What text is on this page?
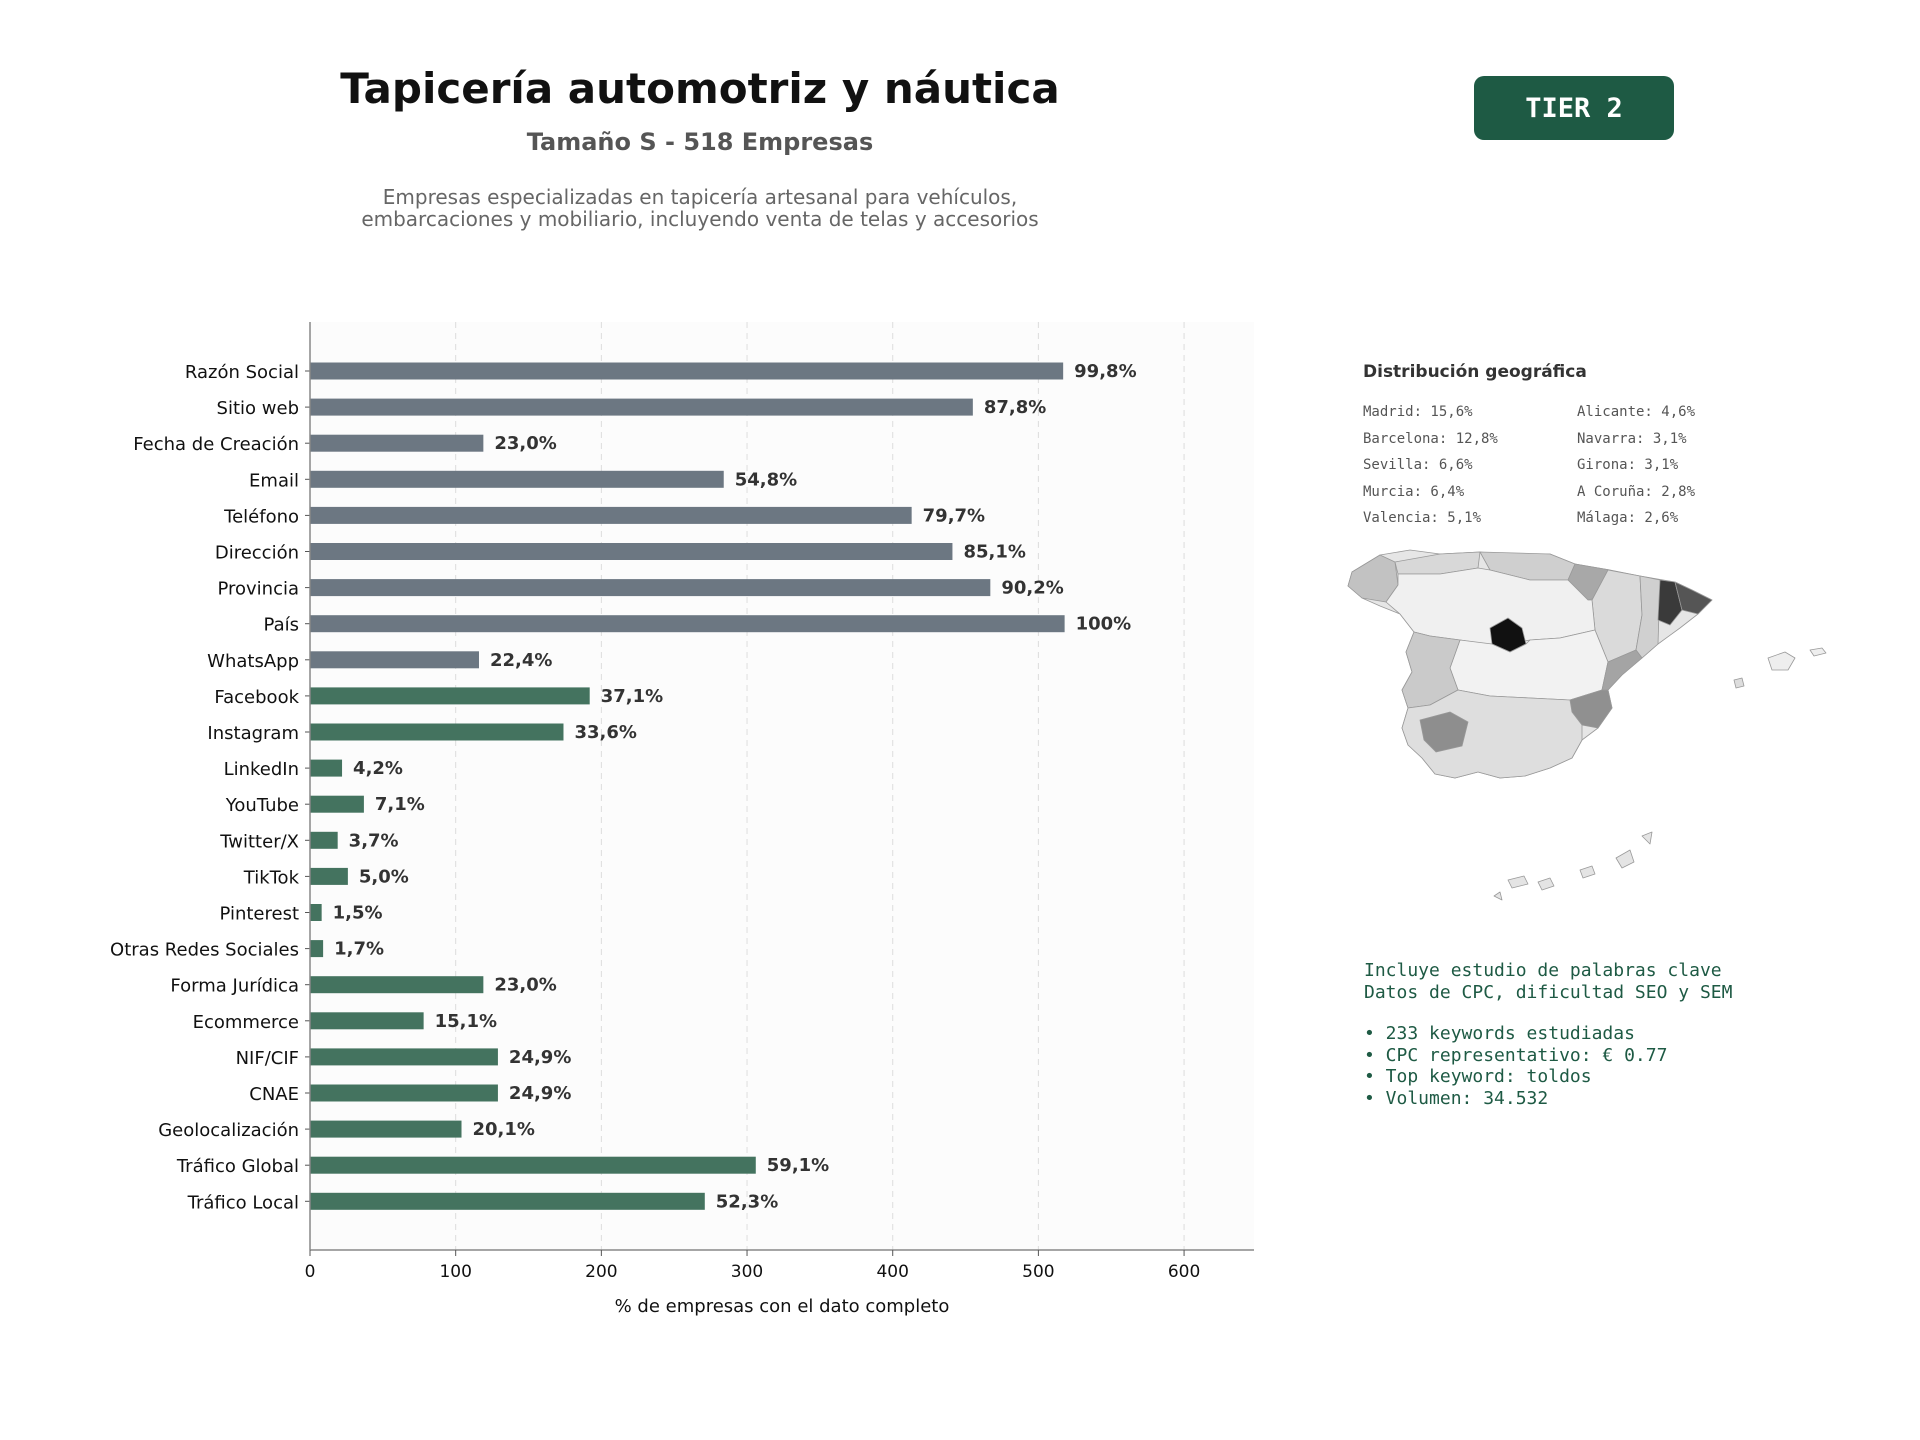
Tapicería automotriz y náutica
Tamaño S - 518 Empresas
Empresas especializadas en tapicería artesanal para vehículos,
embarcaciones y mobiliario, incluyendo venta de telas y accesorios
TIER 2
99,8%
Razón Social
87,8%
Sitio web
23,0%
Fecha de Creación
54,8%
Email
79,7%
Teléfono
85,1%
Dirección
90,2%
Provincia
100%
País
22,4%
WhatsApp
37,1%
Facebook
33,6%
Instagram
4,2%
LinkedIn
7,1%
YouTube
3,7%
Twitter/X
5,0%
TikTok
1,5%
Pinterest
1,7%
Otras Redes Sociales
23,0%
Forma Jurídica
15,1%
Ecommerce
24,9%
NIF/CIF
24,9%
CNAE
20,1%
Geolocalización
59,1%
Tráfico Global
52,3%
Tráfico Local
0	100	200	300	400	500	600
% de empresas con el dato completo
Distribución geográfica
Madrid: 15,6%
Barcelona: 12,8%
Sevilla: 6,6%
Murcia: 6,4%
Valencia: 5,1%
Alicante: 4,6%
Navarra: 3,1%
Girona: 3,1%
A Coruña: 2,8%
Málaga: 2,6%
Incluye estudio de palabras clave
Datos de CPC, dificultad SEO y SEM
• 233 keywords estudiadas
• CPC representativo: € 0.77
• Top keyword: toldos
• Volumen: 34.532
